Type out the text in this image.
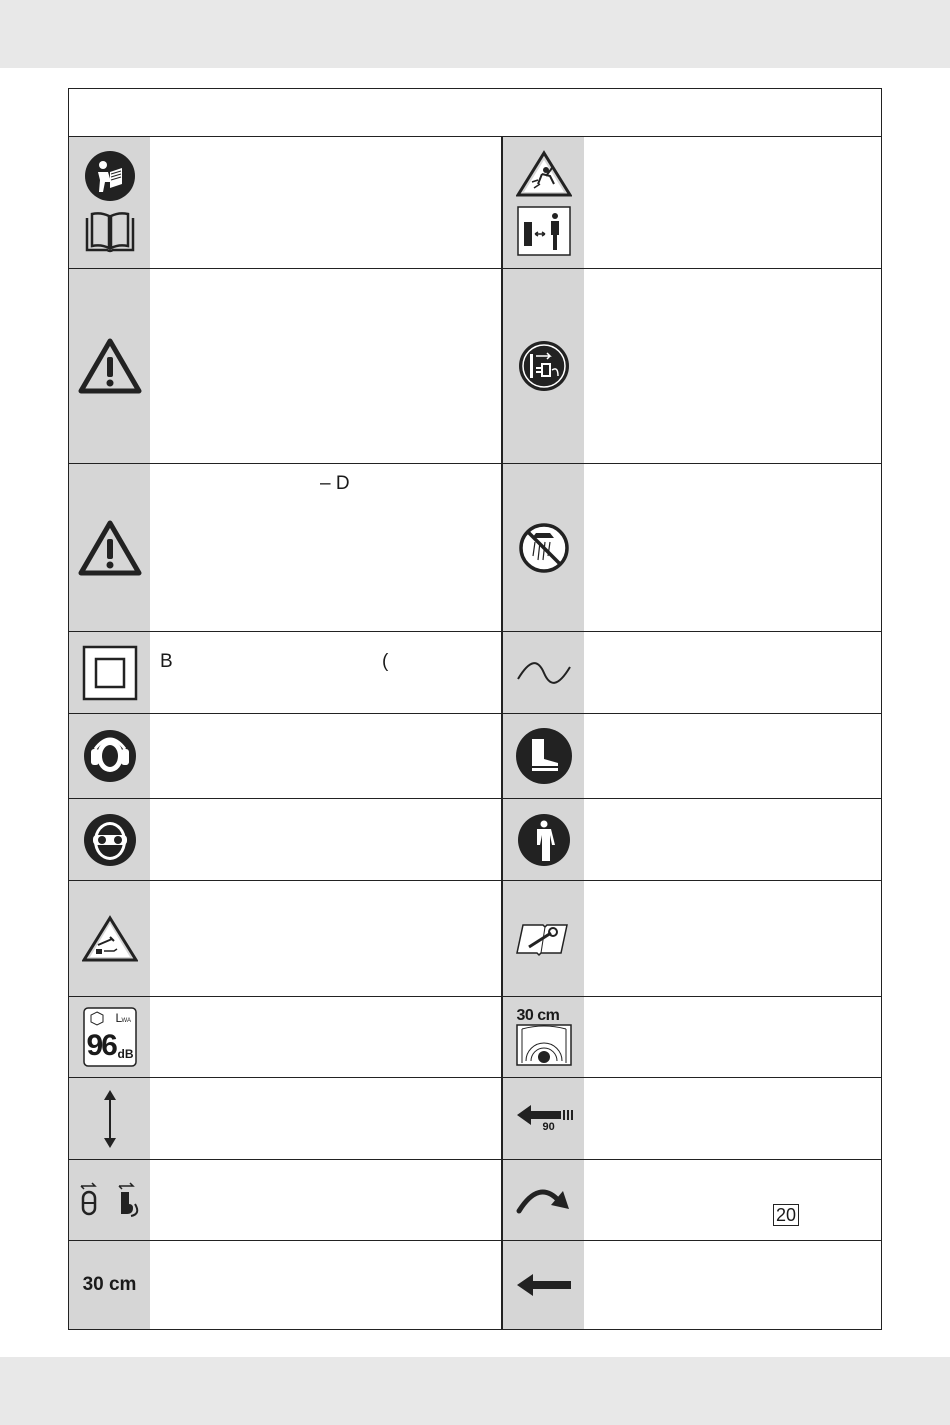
– D
B	(
L WA
96 dB
30 cm
90
20
30 cm
